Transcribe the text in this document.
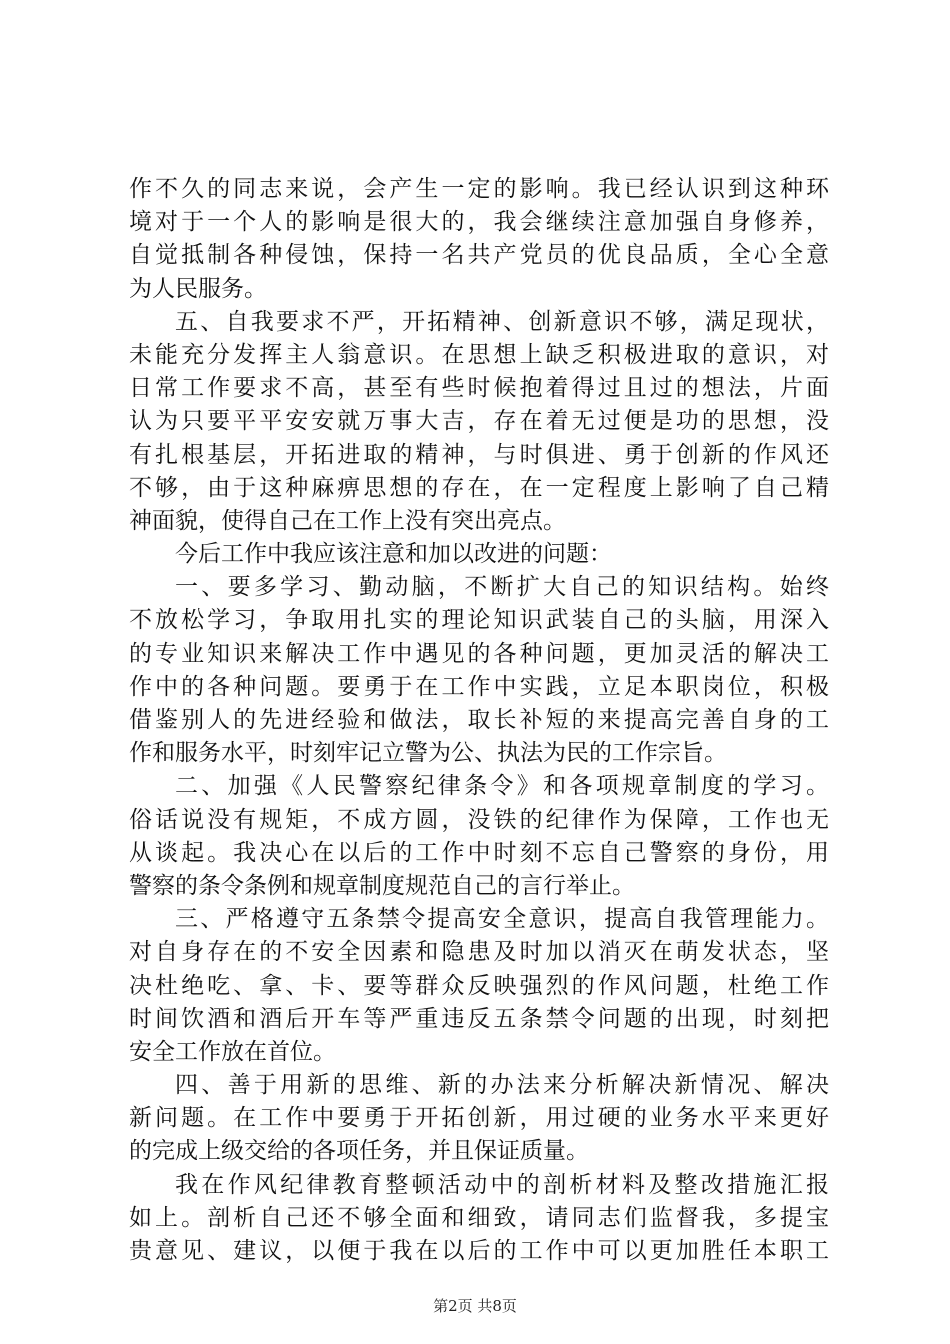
作不久的同志来说，会产生一定的影响。我已经认识到这种环
境对于一个人的影响是很大的，我会继续注意加强自身修养，
自觉抵制各种侵蚀，保持一名共产党员的优良品质，全心全意
为人民服务。
五、自我要求不严，开拓精神、创新意识不够，满足现状，
未能充分发挥主人翁意识。在思想上缺乏积极进取的意识，对
日常工作要求不高，甚至有些时候抱着得过且过的想法，片面
认为只要平平安安就万事大吉，存在着无过便是功的思想，没
有扎根基层，开拓进取的精神，与时俱进、勇于创新的作风还
不够，由于这种麻痹思想的存在，在一定程度上影响了自己精
神面貌，使得自己在工作上没有突出亮点。
今后工作中我应该注意和加以改进的问题：
一、要多学习、勤动脑，不断扩大自己的知识结构。始终
不放松学习，争取用扎实的理论知识武装自己的头脑，用深入
的专业知识来解决工作中遇见的各种问题，更加灵活的解决工
作中的各种问题。要勇于在工作中实践，立足本职岗位，积极
借鉴别人的先进经验和做法，取长补短的来提高完善自身的工
作和服务水平，时刻牢记立警为公、执法为民的工作宗旨。
二、加强《人民警察纪律条令》和各项规章制度的学习。
俗话说没有规矩，不成方圆，没铁的纪律作为保障，工作也无
从谈起。我决心在以后的工作中时刻不忘自己警察的身份，用
警察的条令条例和规章制度规范自己的言行举止。
三、严格遵守五条禁令提高安全意识，提高自我管理能力。
对自身存在的不安全因素和隐患及时加以消灭在萌发状态，坚
决杜绝吃、拿、卡、要等群众反映强烈的作风问题，杜绝工作
时间饮酒和酒后开车等严重违反五条禁令问题的出现，时刻把
安全工作放在首位。
四、善于用新的思维、新的办法来分析解决新情况、解决
新问题。在工作中要勇于开拓创新，用过硬的业务水平来更好
的完成上级交给的各项任务，并且保证质量。
我在作风纪律教育整顿活动中的剖析材料及整改措施汇报
如上。剖析自己还不够全面和细致，请同志们监督我，多提宝
贵意见、建议，以便于我在以后的工作中可以更加胜任本职工
第2页 共8页
